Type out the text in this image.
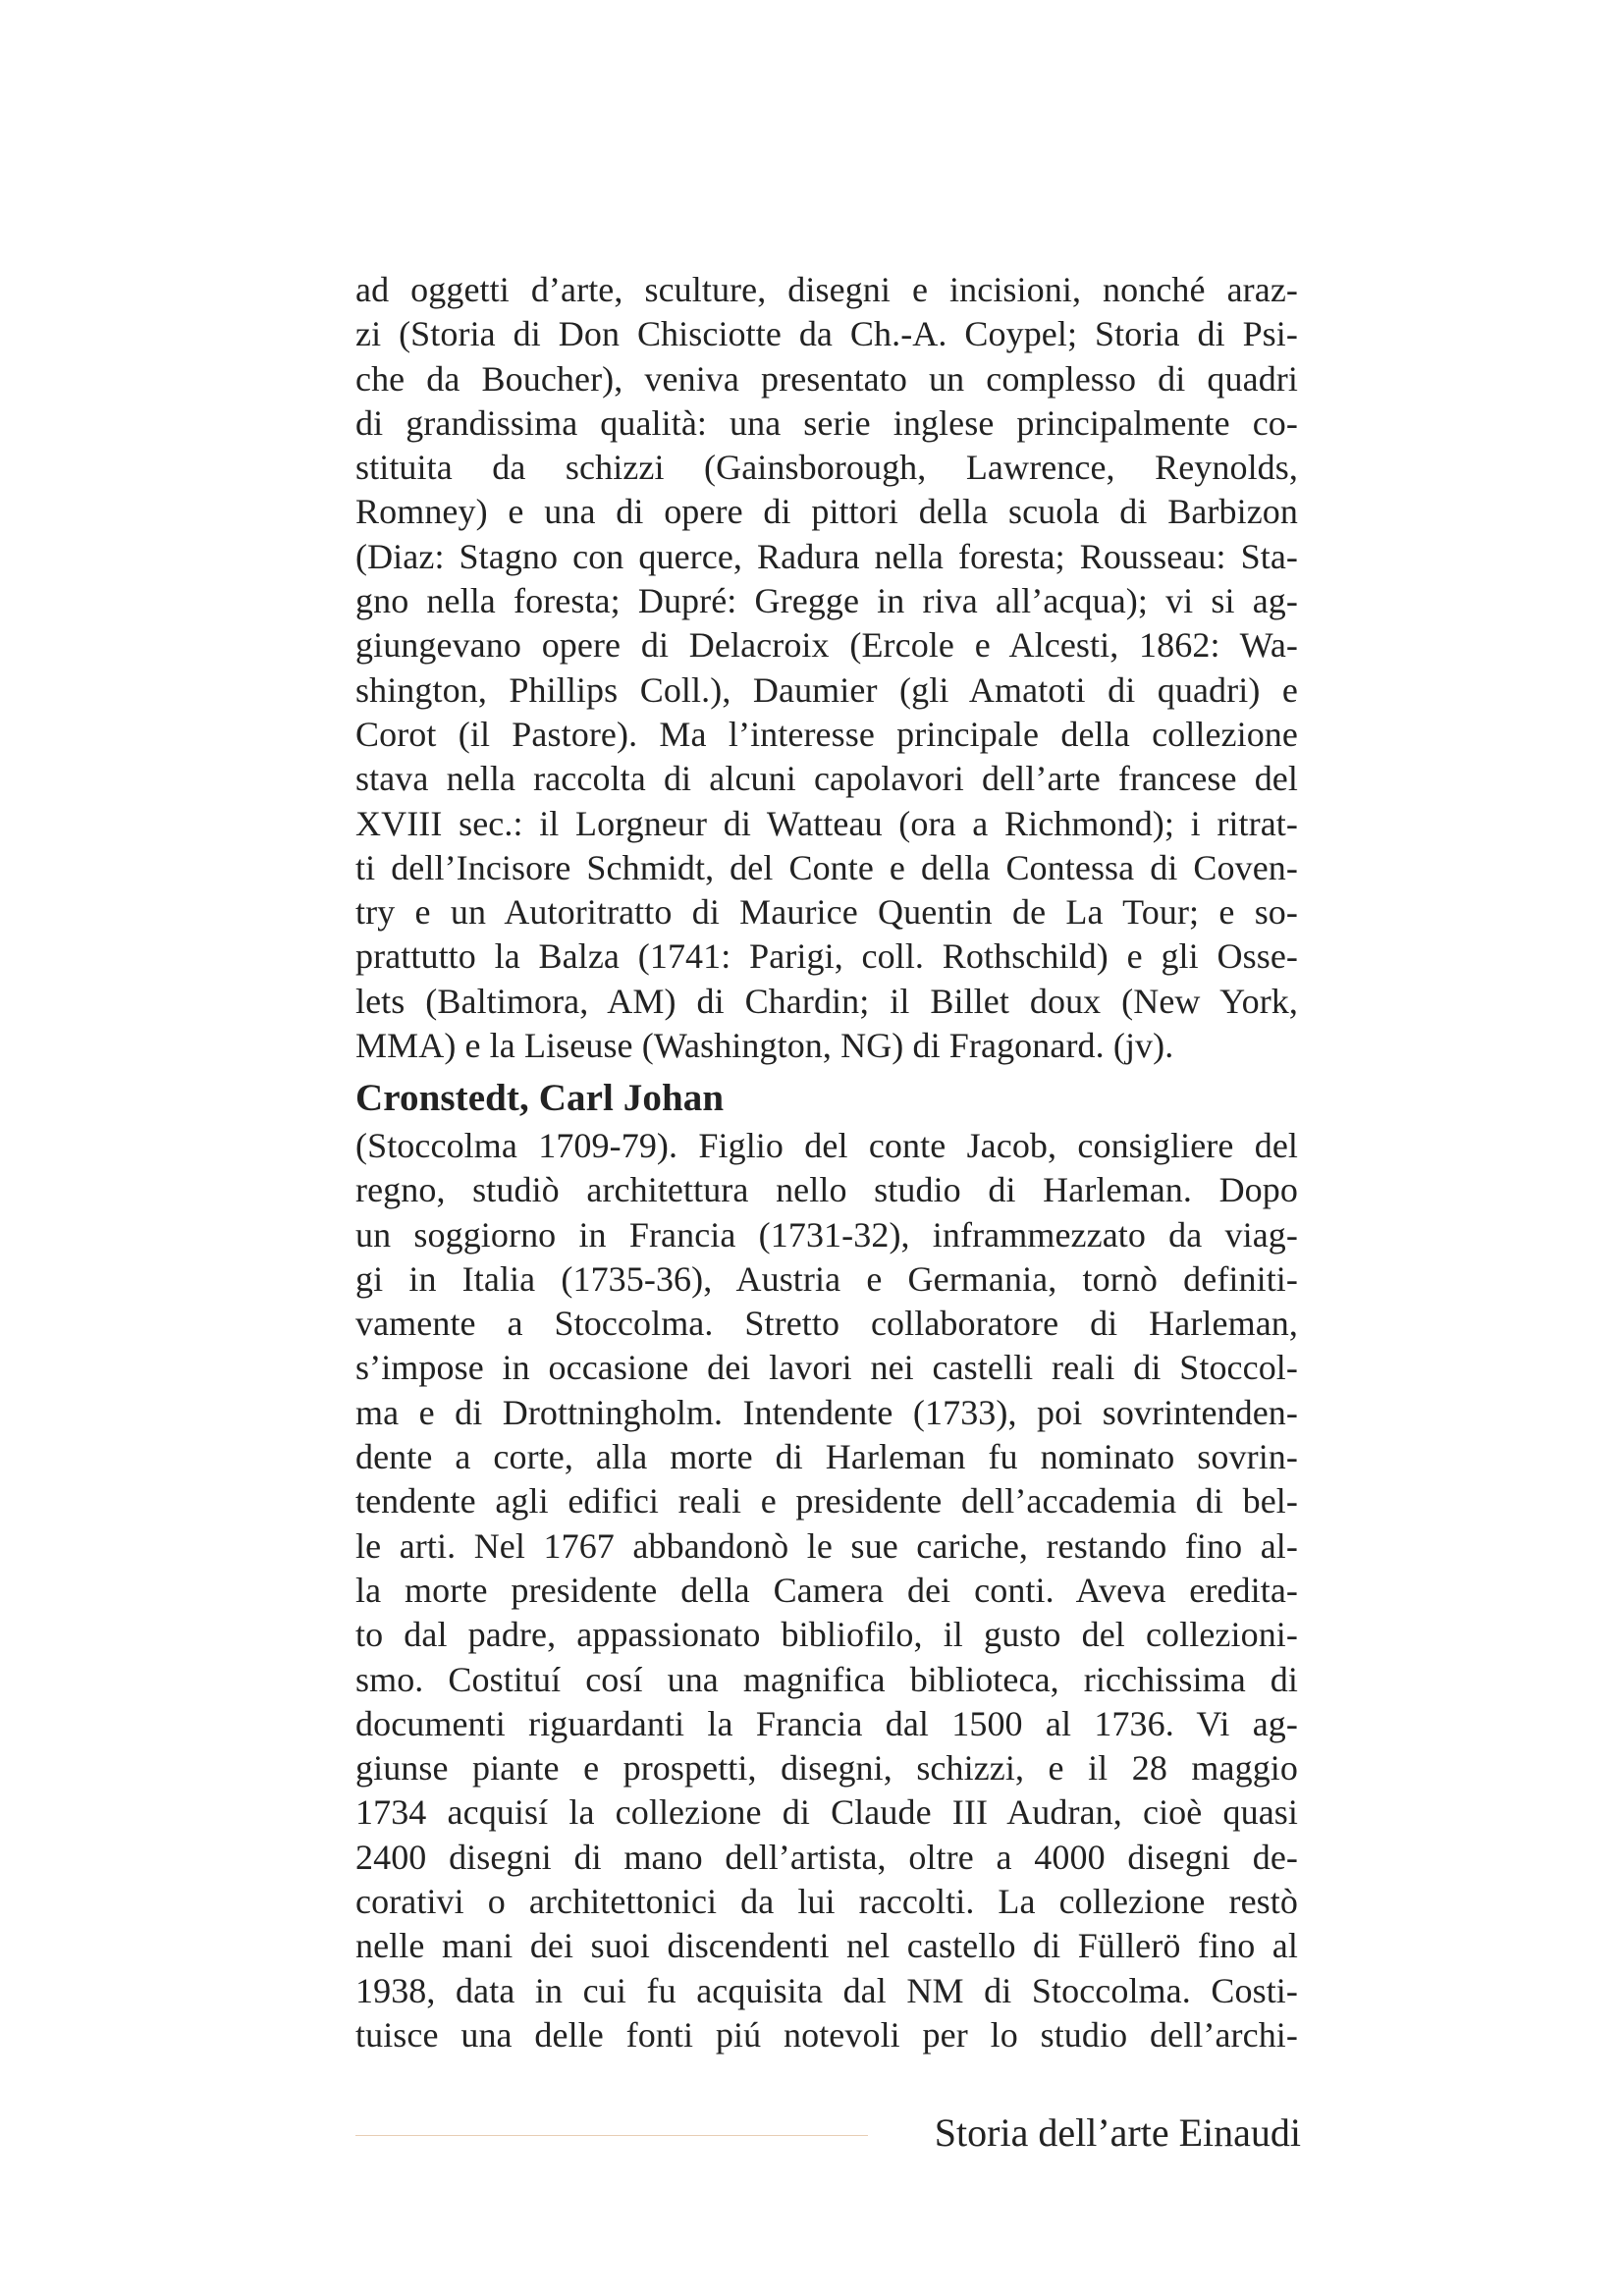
ad oggetti d’arte, sculture, disegni e incisioni, nonché araz-
zi (Storia di Don Chisciotte da Ch.-A. Coypel; Storia di Psi-
che da Boucher), veniva presentato un complesso di quadri
di grandissima qualità: una serie inglese principalmente co-
stituita da schizzi (Gainsborough, Lawrence, Reynolds,
Romney) e una di opere di pittori della scuola di Barbizon
(Diaz: Stagno con querce, Radura nella foresta; Rousseau: Sta-
gno nella foresta; Dupré: Gregge in riva all’acqua); vi si ag-
giungevano opere di Delacroix (Ercole e Alcesti, 1862: Wa-
shington, Phillips Coll.), Daumier (gli Amatoti di quadri) e
Corot (il Pastore). Ma l’interesse principale della collezione
stava nella raccolta di alcuni capolavori dell’arte francese del
XVIII sec.: il Lorgneur di Watteau (ora a Richmond); i ritrat-
ti dell’Incisore Schmidt, del Conte e della Contessa di Coven-
try e un Autoritratto di Maurice Quentin de La Tour; e so-
prattutto la Balza (1741: Parigi, coll. Rothschild) e gli Osse-
lets (Baltimora, AM) di Chardin; il Billet doux (New York,
MMA) e la Liseuse (Washington, NG) di Fragonard. (jv).
Cronstedt, Carl Johan
(Stoccolma 1709-79). Figlio del conte Jacob, consigliere del
regno, studiò architettura nello studio di Harleman. Dopo
un soggiorno in Francia (1731-32), inframmezzato da viag-
gi in Italia (1735-36), Austria e Germania, tornò definiti-
vamente a Stoccolma. Stretto collaboratore di Harleman,
s’impose in occasione dei lavori nei castelli reali di Stoccol-
ma e di Drottningholm. Intendente (1733), poi sovrintenden-
dente a corte, alla morte di Harleman fu nominato sovrin-
tendente agli edifici reali e presidente dell’accademia di bel-
le arti. Nel 1767 abbandonò le sue cariche, restando fino al-
la morte presidente della Camera dei conti. Aveva eredita-
to dal padre, appassionato bibliofilo, il gusto del collezioni-
smo. Costituí cosí una magnifica biblioteca, ricchissima di
documenti riguardanti la Francia dal 1500 al 1736. Vi ag-
giunse piante e prospetti, disegni, schizzi, e il 28 maggio
1734 acquisí la collezione di Claude III Audran, cioè quasi
2400 disegni di mano dell’artista, oltre a 4000 disegni de-
corativi o architettonici da lui raccolti. La collezione restò
nelle mani dei suoi discendenti nel castello di Füllerö fino al
1938, data in cui fu acquisita dal NM di Stoccolma. Costi-
tuisce una delle fonti piú notevoli per lo studio dell’archi-
Storia dell’arte Einaudi
